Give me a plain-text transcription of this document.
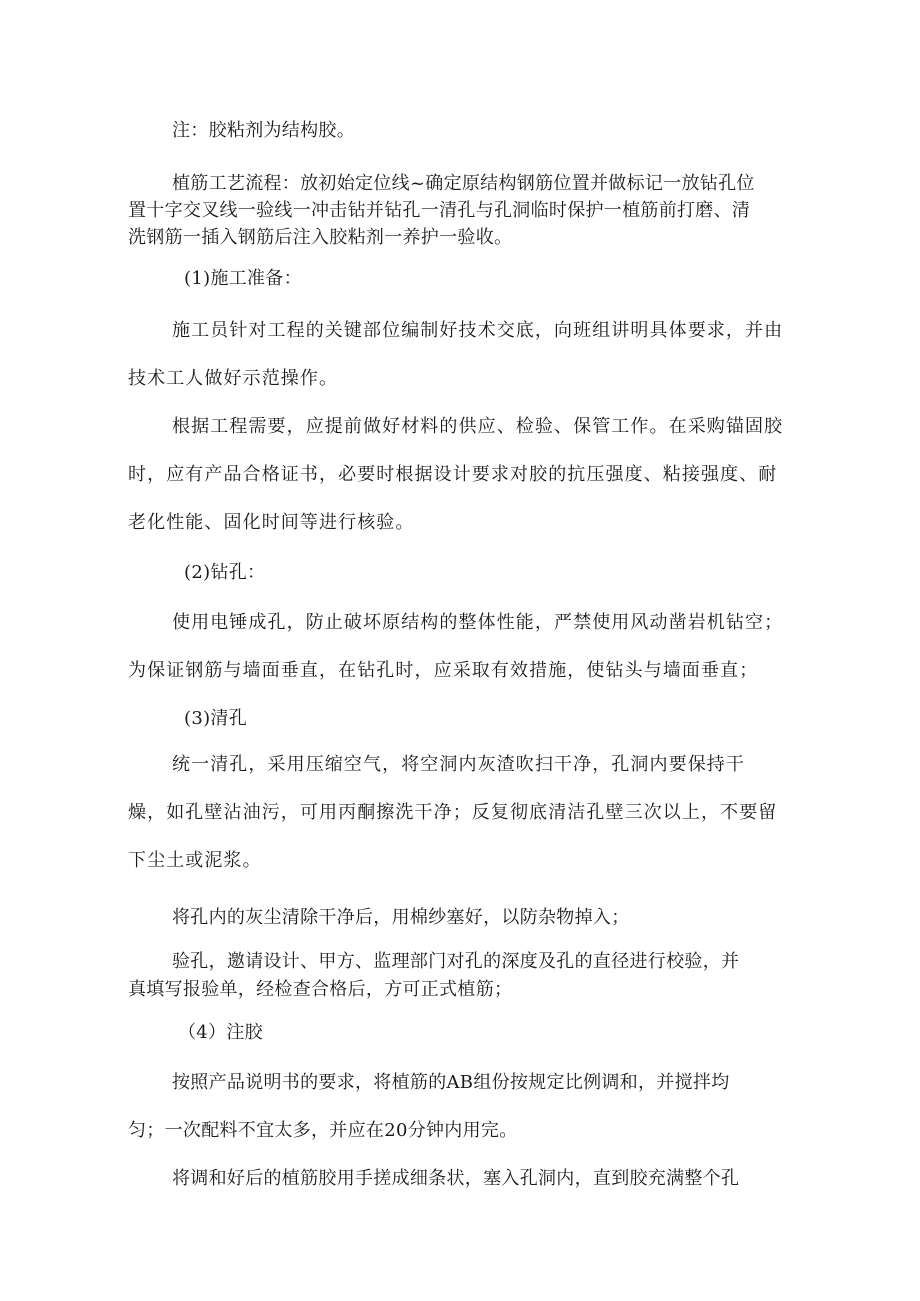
注：胶粘剂为结构胶。
植筋工艺流程：放初始定位线~确定原结构钢筋位置并做标记一放钻孔位
置十字交叉线一验线一冲击钻并钻孔一清孔与孔洞临时保护一植筋前打磨、清
洗钢筋一插入钢筋后注入胶粘剂一养护一验收。
(1)施工准备：
施工员针对工程的关键部位编制好技术交底，向班组讲明具体要求，并由
技术工人做好示范操作。
根据工程需要，应提前做好材料的供应、检验、保管工作。在采购锚固胶
时，应有产品合格证书，必要时根据设计要求对胶的抗压强度、粘接强度、耐
老化性能、固化时间等进行核验。
(2)钻孔：
使用电锤成孔，防止破坏原结构的整体性能，严禁使用风动凿岩机钻空；
为保证钢筋与墙面垂直，在钻孔时，应采取有效措施，使钻头与墙面垂直；
(3)清孔
统一清孔，采用压缩空气，将空洞内灰渣吹扫干净，孔洞内要保持干
燥，如孔壁沾油污，可用丙酮擦洗干净；反复彻底清洁孔壁三次以上，不要留
下尘土或泥浆。
将孔内的灰尘清除干净后，用棉纱塞好，以防杂物掉入；
验孔，邀请设计、甲方、监理部门对孔的深度及孔的直径进行校验，并
真填写报验单，经检查合格后，方可正式植筋；
（4）注胶
按照产品说明书的要求，将植筋的AB组份按规定比例调和，并搅拌均
匀；一次配料不宜太多，并应在20分钟内用完。
将调和好后的植筋胶用手搓成细条状，塞入孔洞内，直到胶充满整个孔
